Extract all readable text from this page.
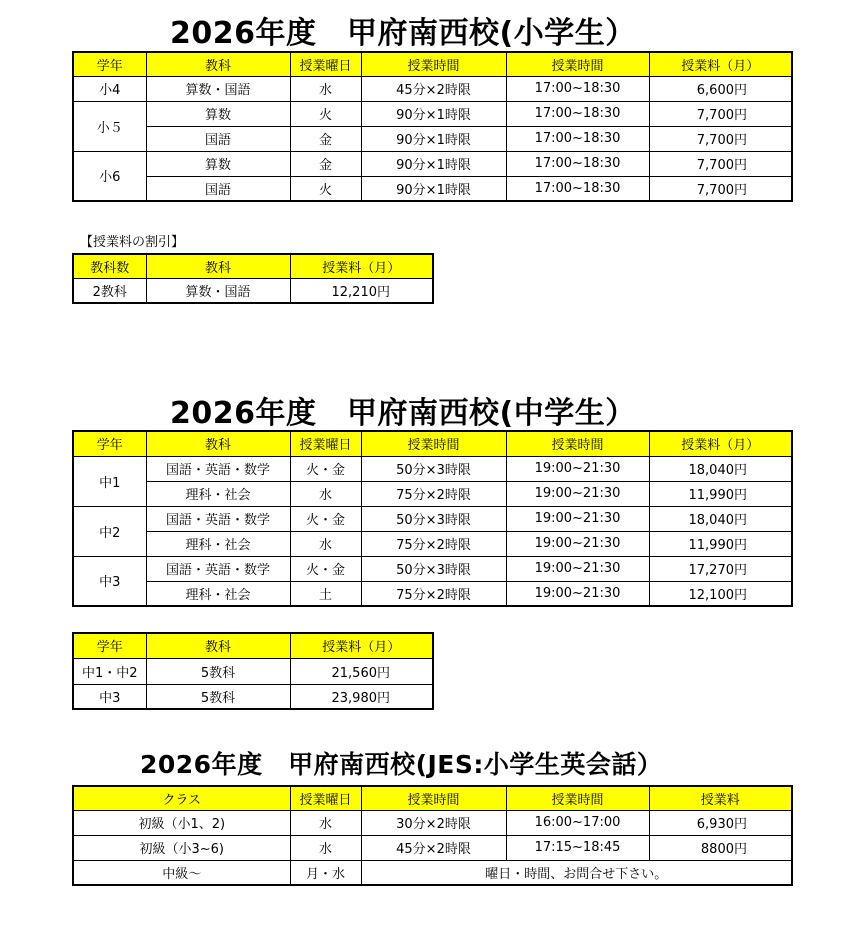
2026年度　甲府南西校(小学生）
学年	教科	授業曜日	授業時間	授業時間	授業料（月）
小4	算数・国語	水	45分×2時限	17:00~18:30	6,600円
小５	算数	火	90分×1時限	17:00~18:30	7,700円
	国語	金	90分×1時限	17:00~18:30	7,700円
小6	算数	金	90分×1時限	17:00~18:30	7,700円
	国語	火	90分×1時限	17:00~18:30	7,700円
【授業料の割引】
教科数	教科	授業料（月）
2教科	算数・国語	12,210円
2026年度　甲府南西校(中学生）
学年	教科	授業曜日	授業時間	授業時間	授業料（月）
中1	国語・英語・数学	火・金	50分×3時限	19:00~21:30	18,040円
	理科・社会	水	75分×2時限	19:00~21:30	11,990円
中2	国語・英語・数学	火・金	50分×3時限	19:00~21:30	18,040円
	理科・社会	水	75分×2時限	19:00~21:30	11,990円
中3	国語・英語・数学	火・金	50分×3時限	19:00~21:30	17,270円
	理科・社会	土	75分×2時限	19:00~21:30	12,100円
学年	教科	授業料（月）
中1・中2	5教科	21,560円
中3	5教科	23,980円
2026年度　甲府南西校(JES:小学生英会話）
クラス	授業曜日	授業時間	授業時間	授業料
初級（小1、2)	水	30分×2時限	16:00~17:00	6,930円
初級（小3~6)	水	45分×2時限	17:15~18:45	8800円
中級～	月・水	曜日・時間、お問合せ下さい。		
